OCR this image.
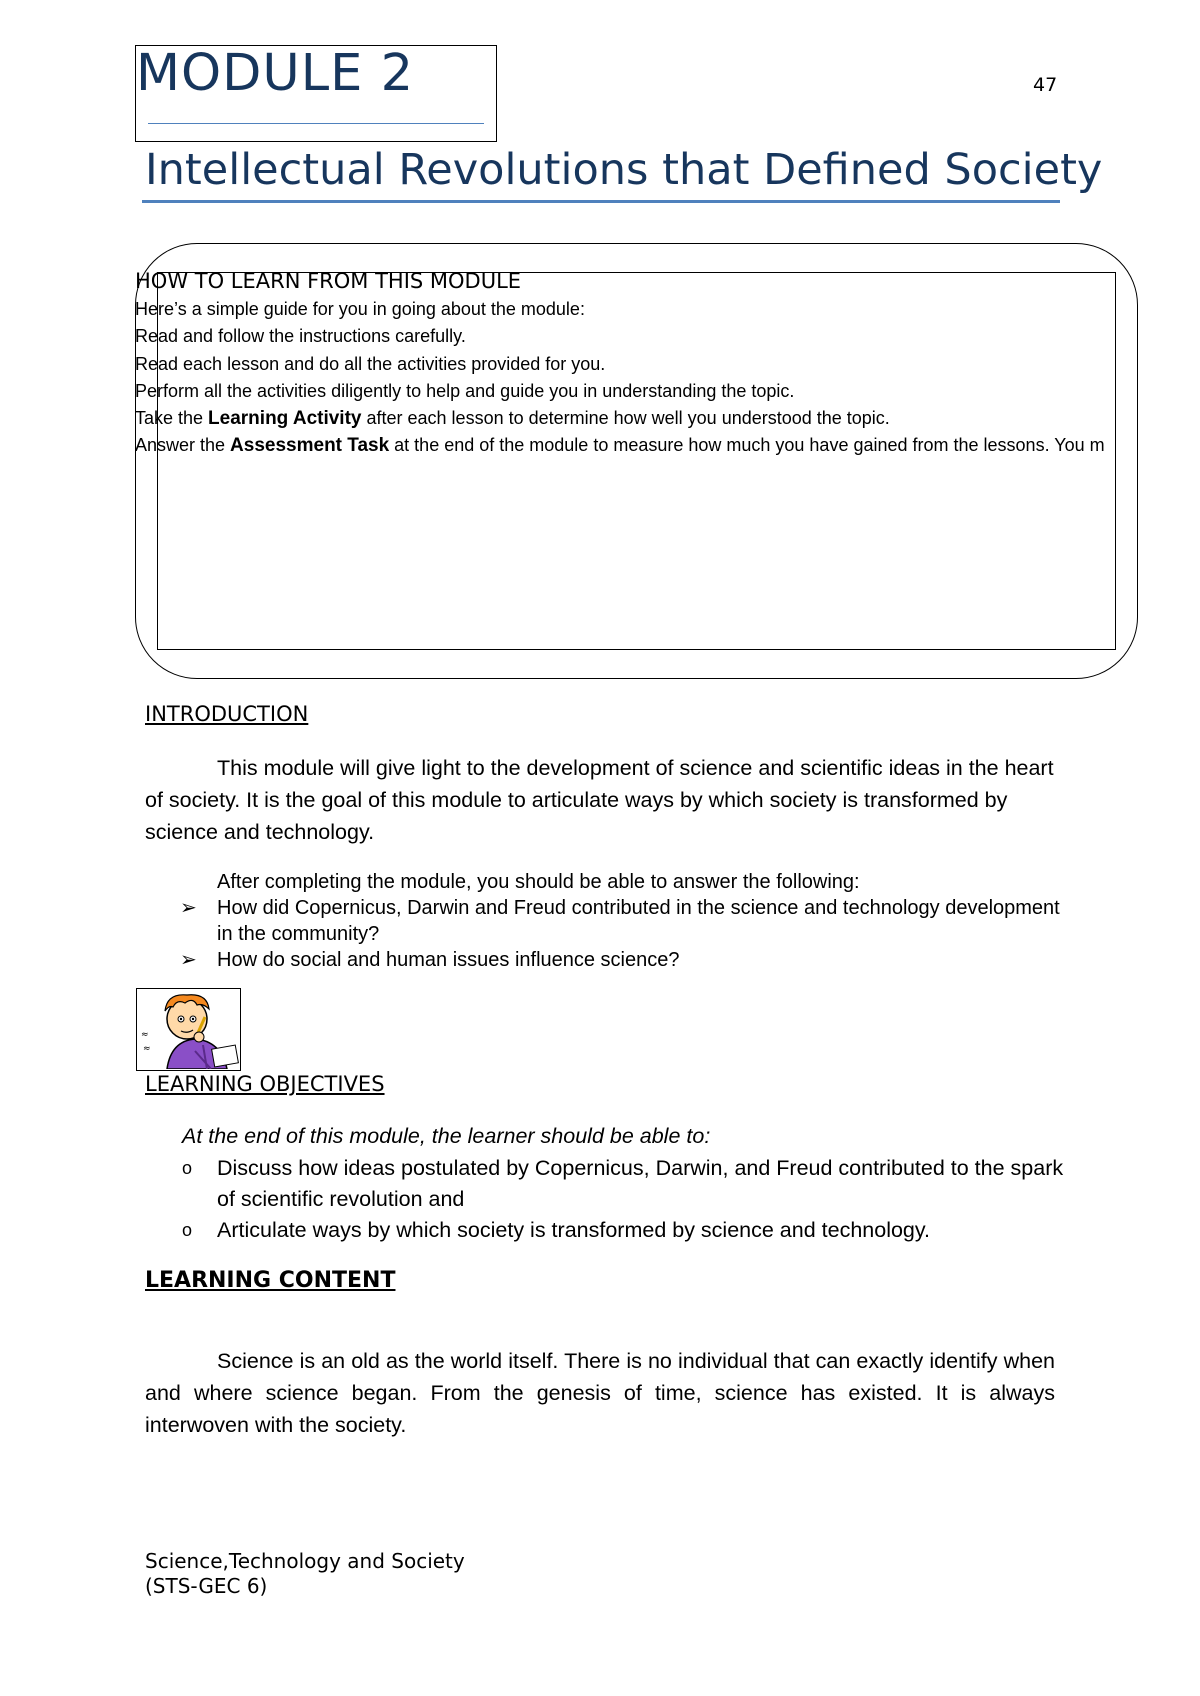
MODULE 2	47
Intellectual Revolutions that Defined Society
HOW TO LEARN FROM THIS MODULE
Here’s a simple guide for you in going about the module:
Read and follow the instructions carefully.
Read each lesson and do all the activities provided for you.
Perform all the activities diligently to help and guide you in understanding the topic.
Take the Learning Activity after each lesson to determine how well you understood the topic.
Answer the Assessment Task at the end of the module to measure how much you have gained from the lessons. You m
INTRODUCTION
This module will give light to the development of science and scientific ideas in the heart of society. It is the goal of this module to articulate ways by which society is transformed by science and technology.
After completing the module, you should be able to answer the following:
➢ How did Copernicus, Darwin and Freud contributed in the science and technology development in the community?
➢ How do social and human issues influence science?
≈
≈
LEARNING OBJECTIVES
At the end of this module, the learner should be able to:
o Discuss how ideas postulated by Copernicus, Darwin, and Freud contributed to the spark of scientific revolution and
o Articulate ways by which society is transformed by science and technology.
LEARNING CONTENT
Science is an old as the world itself. There is no individual that can exactly identify when and where science began. From the genesis of time, science has existed. It is always interwoven with the society.
Science,Technology and Society
(STS-GEC 6)
